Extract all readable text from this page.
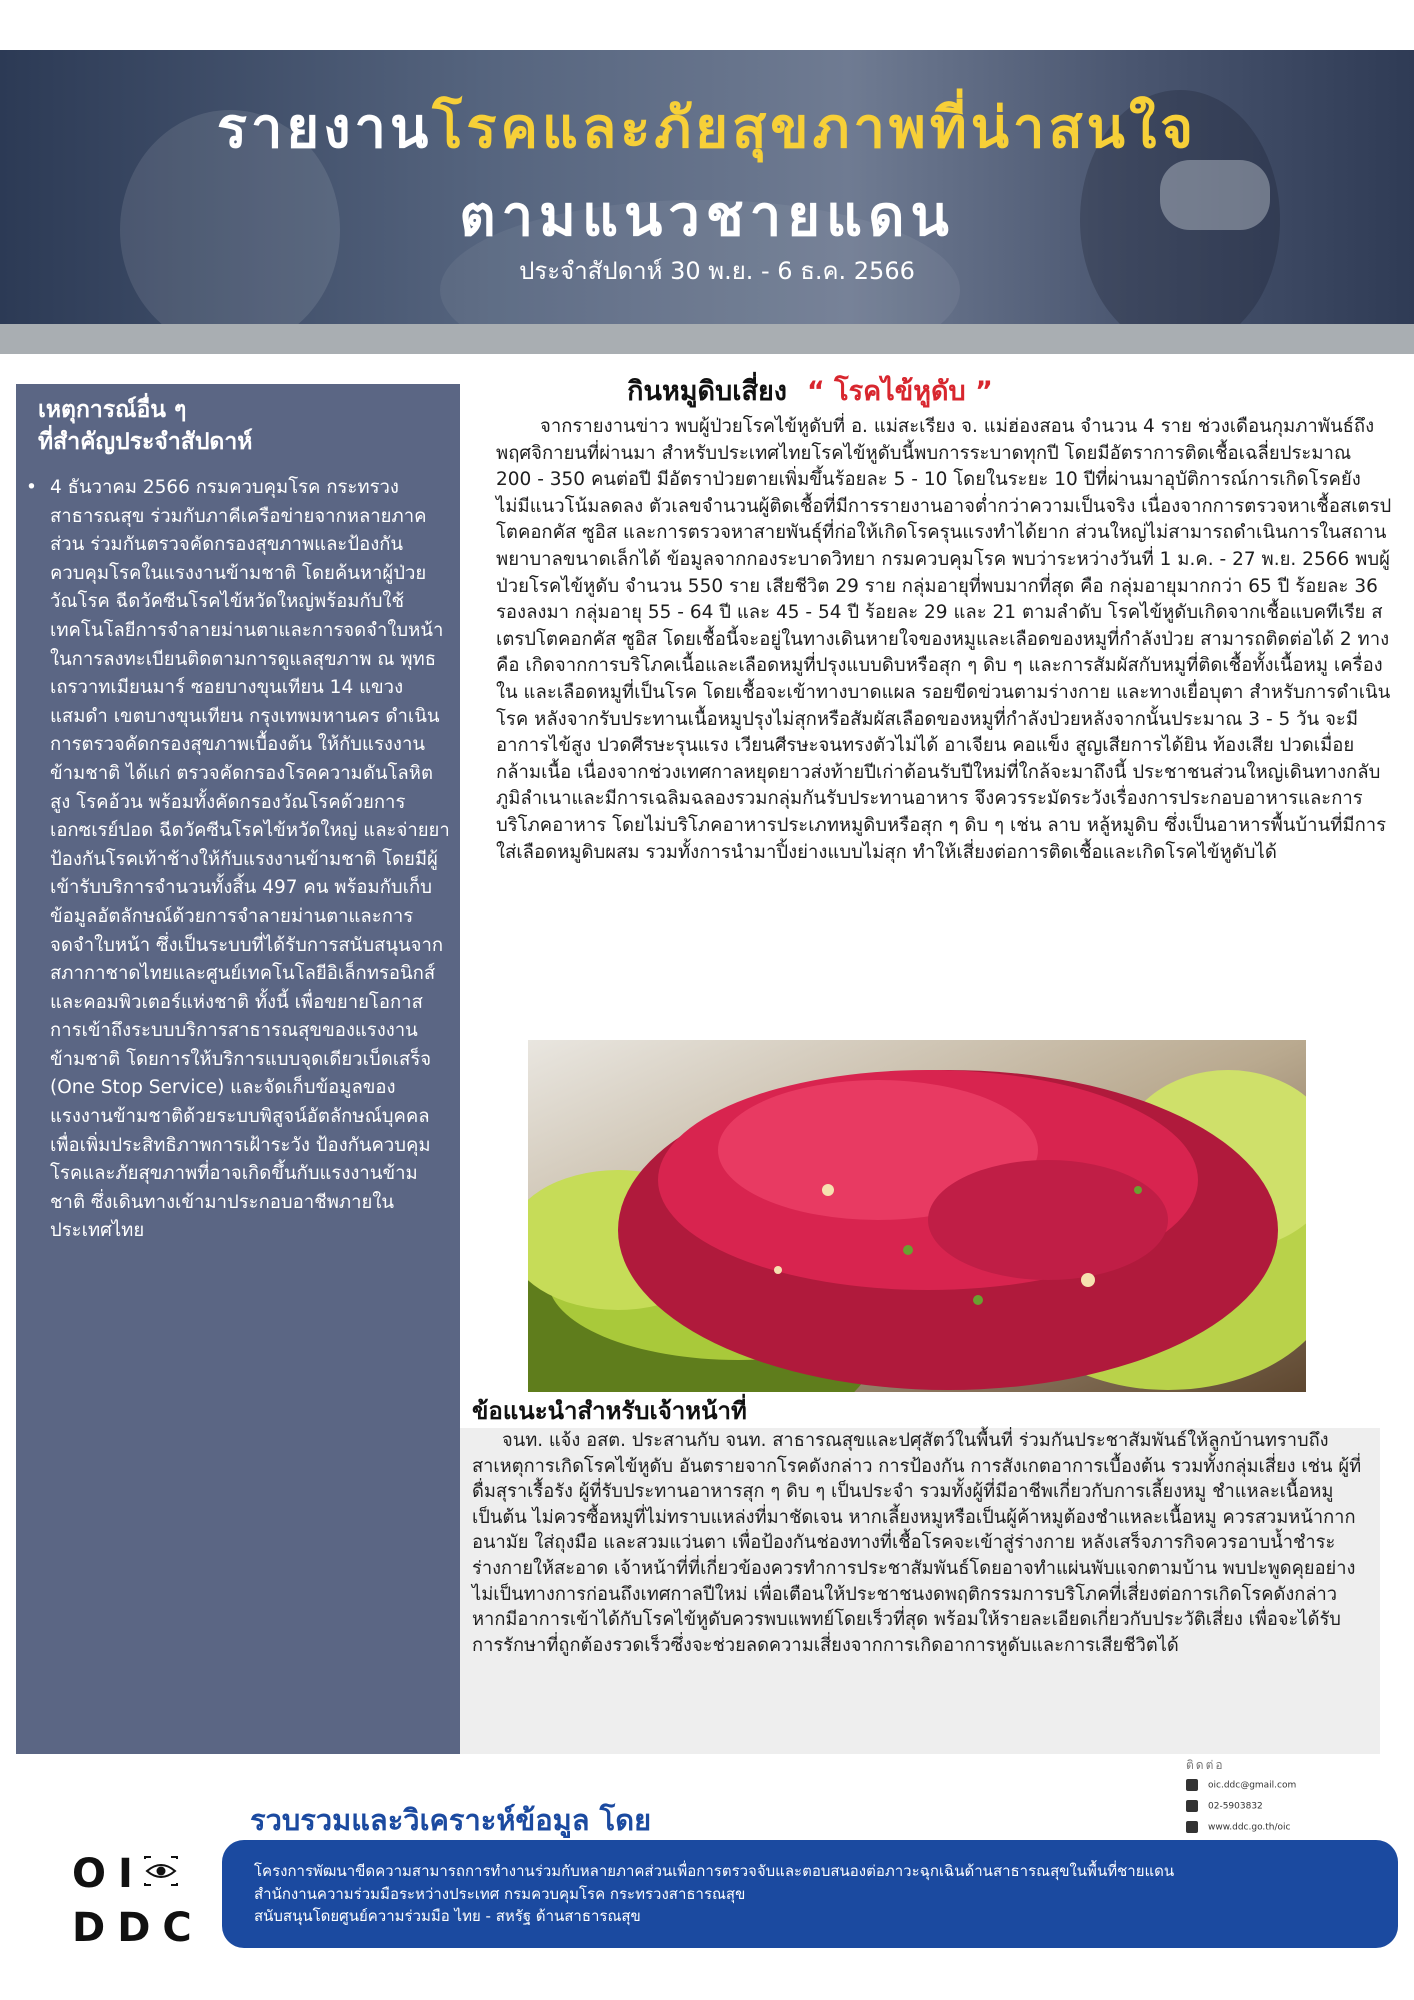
รายงานโรคและภัยสุขภาพที่น่าสนใจ
ตามแนวชายแดน
ประจำสัปดาห์ 30 พ.ย. - 6 ธ.ค. 2566
เหตุการณ์อื่น ๆ
ที่สำคัญประจำสัปดาห์
• 4 ธันวาคม 2566 กรมควบคุมโรค กระทรวงสาธารณสุข ร่วมกับภาคีเครือข่ายจากหลายภาคส่วน ร่วมกันตรวจคัดกรองสุขภาพและป้องกันควบคุมโรคในแรงงานข้ามชาติ โดยค้นหาผู้ป่วยวัณโรค ฉีดวัคซีนโรคไข้หวัดใหญ่พร้อมกับใช้เทคโนโลยีการจำลายม่านตาและการจดจำใบหน้าในการลงทะเบียนติดตามการดูแลสุขภาพ ณ พุทธเถรวาทเมียนมาร์ ซอยบางขุนเทียน 14 แขวงแสมดำ เขตบางขุนเทียน กรุงเทพมหานคร ดำเนินการตรวจคัดกรองสุขภาพเบื้องต้น ให้กับแรงงานข้ามชาติ ได้แก่ ตรวจคัดกรองโรคความดันโลหิตสูง โรคอ้วน พร้อมทั้งคัดกรองวัณโรคด้วยการเอกซเรย์ปอด ฉีดวัคซีนโรคไข้หวัดใหญ่ และจ่ายยาป้องกันโรคเท้าช้างให้กับแรงงานข้ามชาติ โดยมีผู้เข้ารับบริการจำนวนทั้งสิ้น 497 คน พร้อมกับเก็บข้อมูลอัตลักษณ์ด้วยการจำลายม่านตาและการจดจำใบหน้า ซึ่งเป็นระบบที่ได้รับการสนับสนุนจากสภากาชาดไทยและศูนย์เทคโนโลยีอิเล็กทรอนิกส์และคอมพิวเตอร์แห่งชาติ ทั้งนี้ เพื่อขยายโอกาสการเข้าถึงระบบบริการสาธารณสุขของแรงงานข้ามชาติ โดยการให้บริการแบบจุดเดียวเบ็ดเสร็จ (One Stop Service) และจัดเก็บข้อมูลของแรงงานข้ามชาติด้วยระบบพิสูจน์อัตลักษณ์บุคคลเพื่อเพิ่มประสิทธิภาพการเฝ้าระวัง ป้องกันควบคุมโรคและภัยสุขภาพที่อาจเกิดขึ้นกับแรงงานข้ามชาติ ซึ่งเดินทางเข้ามาประกอบอาชีพภายในประเทศไทย
กินหมูดิบเสี่ยง “ โรคไข้หูดับ ”
จากรายงานข่าว พบผู้ป่วยโรคไข้หูดับที่ อ. แม่สะเรียง จ. แม่ฮ่องสอน จำนวน 4 ราย ช่วงเดือนกุมภาพันธ์ถึงพฤศจิกายนที่ผ่านมา สำหรับประเทศไทยโรคไข้หูดับนี้พบการระบาดทุกปี โดยมีอัตราการติดเชื้อเฉลี่ยประมาณ 200 - 350 คนต่อปี มีอัตราป่วยตายเพิ่มขึ้นร้อยละ 5 - 10 โดยในระยะ 10 ปีที่ผ่านมาอุบัติการณ์การเกิดโรคยังไม่มีแนวโน้มลดลง ตัวเลขจำนวนผู้ติดเชื้อที่มีการรายงานอาจต่ำกว่าความเป็นจริง เนื่องจากการตรวจหาเชื้อสเตรปโตคอกคัส ซูอิส และการตรวจหาสายพันธุ์ที่ก่อให้เกิดโรครุนแรงทำได้ยาก ส่วนใหญ่ไม่สามารถดำเนินการในสถานพยาบาลขนาดเล็กได้ ข้อมูลจากกองระบาดวิทยา กรมควบคุมโรค พบว่าระหว่างวันที่ 1 ม.ค. - 27 พ.ย. 2566 พบผู้ป่วยโรคไข้หูดับ จำนวน 550 ราย เสียชีวิต 29 ราย กลุ่มอายุที่พบมากที่สุด คือ กลุ่มอายุมากกว่า 65 ปี ร้อยละ 36 รองลงมา กลุ่มอายุ 55 - 64 ปี และ 45 - 54 ปี ร้อยละ 29 และ 21 ตามลำดับ โรคไข้หูดับเกิดจากเชื้อแบคทีเรีย สเตรปโตคอกคัส ซูอิส โดยเชื้อนี้จะอยู่ในทางเดินหายใจของหมูและเลือดของหมูที่กำลังป่วย สามารถติดต่อได้ 2 ทาง คือ เกิดจากการบริโภคเนื้อและเลือดหมูที่ปรุงแบบดิบหรือสุก ๆ ดิบ ๆ และการสัมผัสกับหมูที่ติดเชื้อทั้งเนื้อหมู เครื่องใน และเลือดหมูที่เป็นโรค โดยเชื้อจะเข้าทางบาดแผล รอยขีดข่วนตามร่างกาย และทางเยื่อบุตา สำหรับการดำเนินโรค หลังจากรับประทานเนื้อหมูปรุงไม่สุกหรือสัมผัสเลือดของหมูที่กำลังป่วยหลังจากนั้นประมาณ 3 - 5 วัน จะมีอาการไข้สูง ปวดศีรษะรุนแรง เวียนศีรษะจนทรงตัวไม่ได้ อาเจียน คอแข็ง สูญเสียการได้ยิน ท้องเสีย ปวดเมื่อยกล้ามเนื้อ เนื่องจากช่วงเทศกาลหยุดยาวส่งท้ายปีเก่าต้อนรับปีใหม่ที่ใกล้จะมาถึงนี้ ประชาชนส่วนใหญ่เดินทางกลับภูมิลำเนาและมีการเฉลิมฉลองรวมกลุ่มกันรับประทานอาหาร จึงควรระมัดระวังเรื่องการประกอบอาหารและการบริโภคอาหาร โดยไม่บริโภคอาหารประเภทหมูดิบหรือสุก ๆ ดิบ ๆ เช่น ลาบ หลู้หมูดิบ ซึ่งเป็นอาหารพื้นบ้านที่มีการใส่เลือดหมูดิบผสม รวมทั้งการนำมาปิ้งย่างแบบไม่สุก ทำให้เสี่ยงต่อการติดเชื้อและเกิดโรคไข้หูดับได้
ข้อแนะนำสำหรับเจ้าหน้าที่
จนท. แจ้ง อสต. ประสานกับ จนท. สาธารณสุขและปศุสัตว์ในพื้นที่ ร่วมกันประชาสัมพันธ์ให้ลูกบ้านทราบถึง สาเหตุการเกิดโรคไข้หูดับ อันตรายจากโรคดังกล่าว การป้องกัน การสังเกตอาการเบื้องต้น รวมทั้งกลุ่มเสี่ยง เช่น ผู้ที่ดื่มสุราเรื้อรัง ผู้ที่รับประทานอาหารสุก ๆ ดิบ ๆ เป็นประจำ รวมทั้งผู้ที่มีอาชีพเกี่ยวกับการเลี้ยงหมู ชำแหละเนื้อหมู เป็นต้น ไม่ควรซื้อหมูที่ไม่ทราบแหล่งที่มาชัดเจน หากเลี้ยงหมูหรือเป็นผู้ค้าหมูต้องชำแหละเนื้อหมู ควรสวมหน้ากากอนามัย ใส่ถุงมือ และสวมแว่นตา เพื่อป้องกันช่องทางที่เชื้อโรคจะเข้าสู่ร่างกาย หลังเสร็จภารกิจควรอาบน้ำชำระร่างกายให้สะอาด เจ้าหน้าที่ที่เกี่ยวข้องควรทำการประชาสัมพันธ์โดยอาจทำแผ่นพับแจกตามบ้าน พบปะพูดคุยอย่างไม่เป็นทางการก่อนถึงเทศกาลปีใหม่ เพื่อเตือนให้ประชาชนงดพฤติกรรมการบริโภคที่เสี่ยงต่อการเกิดโรคดังกล่าว หากมีอาการเข้าได้กับโรคไข้หูดับควรพบแพทย์โดยเร็วที่สุด พร้อมให้รายละเอียดเกี่ยวกับประวัติเสี่ยง เพื่อจะได้รับการรักษาที่ถูกต้องรวดเร็วซึ่งจะช่วยลดความเสี่ยงจากการเกิดอาการหูดับและการเสียชีวิตได้
รวบรวมและวิเคราะห์ข้อมูล โดย
ติดต่อ
oic.ddc@gmail.com
02-5903832
www.ddc.go.th/oic
OI
DDC
โครงการพัฒนาขีดความสามารถการทำงานร่วมกับหลายภาคส่วนเพื่อการตรวจจับและตอบสนองต่อภาวะฉุกเฉินด้านสาธารณสุขในพื้นที่ชายแดน
สำนักงานความร่วมมือระหว่างประเทศ กรมควบคุมโรค กระทรวงสาธารณสุข
สนับสนุนโดยศูนย์ความร่วมมือ ไทย - สหรัฐ ด้านสาธารณสุข
